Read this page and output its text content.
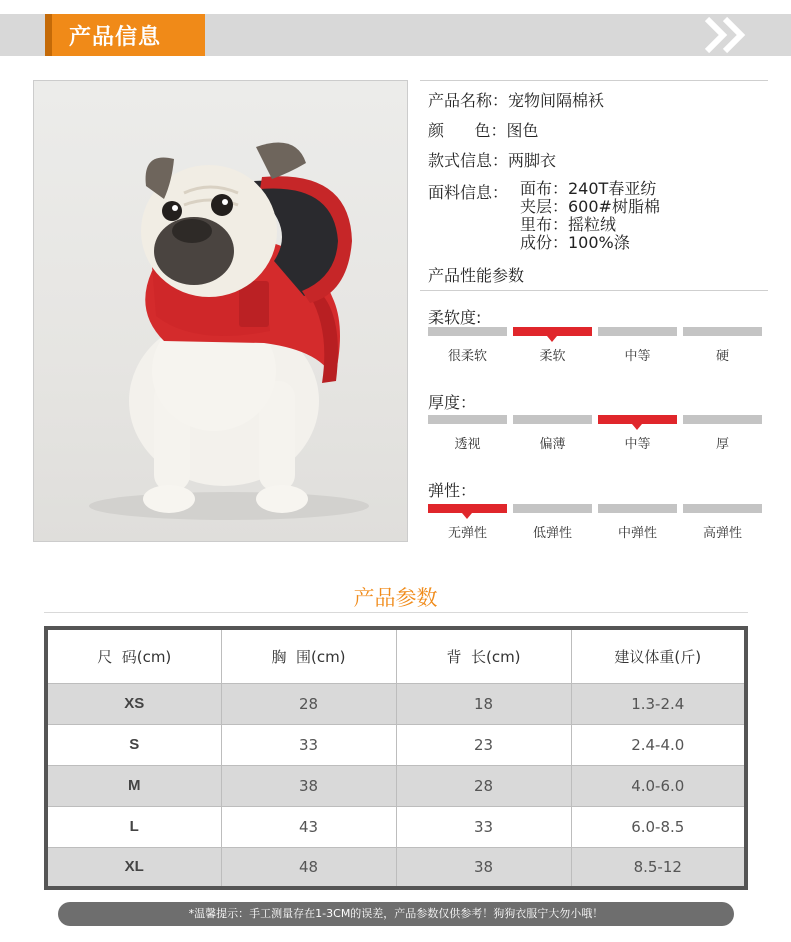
产品信息
产品名称：宠物间隔棉袄
颜      色：图色
款式信息：两脚衣
面料信息： 面布：240T春亚纺
夹层：600#树脂棉
里布：摇粒绒
成份：100%涤
产品性能参数
柔软度:
很柔软	柔软	中等	硬
厚度：
透视	偏薄	中等	厚
弹性：
无弹性	低弹性	中弹性	高弹性
产品参数
尺  码(cm)	胸  围(cm)	背  长(cm)	建议体重(斤)
XS	28	18	1.3-2.4
S	33	23	2.4-4.0
M	38	28	4.0-6.0
L	43	33	6.0-8.5
XL	48	38	8.5-12
*温馨提示：手工测量存在1-3CM的误差，产品参数仅供参考！狗狗衣服宁大勿小哦！
